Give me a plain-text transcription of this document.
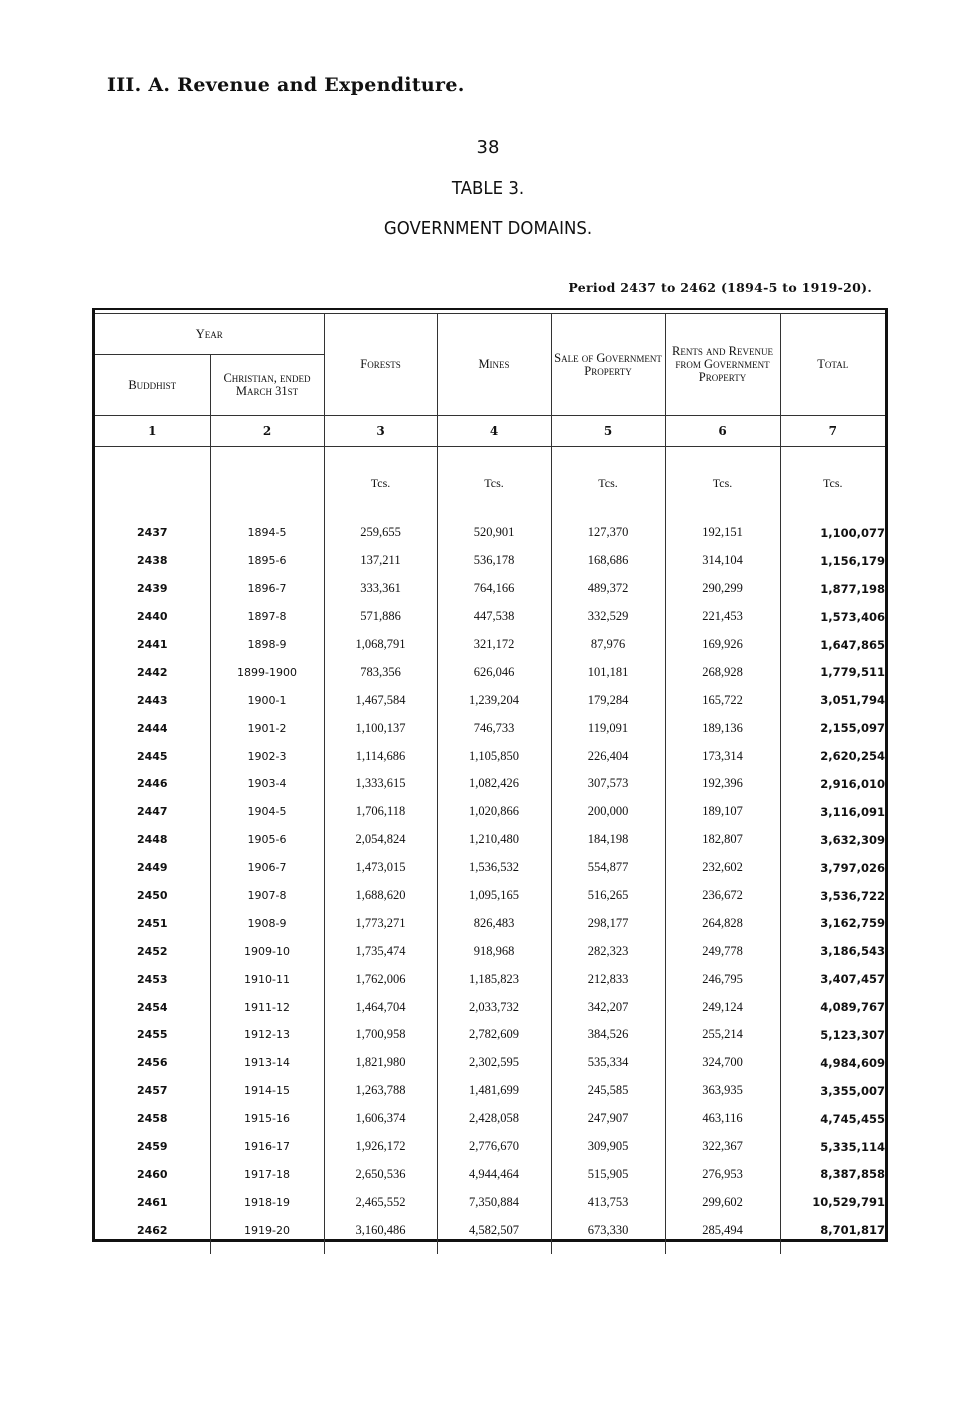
III. A. Revenue and Expenditure.
38
TABLE 3.
GOVERNMENT DOMAINS.
Period 2437 to 2462 (1894-5 to 1919-20).
Year		Forests	Mines	Sale of Government Property	Rents and Revenue from Government Property	Total
Buddhist	Christian, ended March 31st					
1	2	3	4	5	6	7
		Tcs.	Tcs.	Tcs.	Tcs.	Tcs.
2437	1894-5	259,655	520,901	127,370	192,151	1,100,077
2438	1895-6	137,211	536,178	168,686	314,104	1,156,179
2439	1896-7	333,361	764,166	489,372	290,299	1,877,198
2440	1897-8	571,886	447,538	332,529	221,453	1,573,406
2441	1898-9	1,068,791	321,172	87,976	169,926	1,647,865
2442	1899-1900	783,356	626,046	101,181	268,928	1,779,511
2443	1900-1	1,467,584	1,239,204	179,284	165,722	3,051,794
2444	1901-2	1,100,137	746,733	119,091	189,136	2,155,097
2445	1902-3	1,114,686	1,105,850	226,404	173,314	2,620,254
2446	1903-4	1,333,615	1,082,426	307,573	192,396	2,916,010
2447	1904-5	1,706,118	1,020,866	200,000	189,107	3,116,091
2448	1905-6	2,054,824	1,210,480	184,198	182,807	3,632,309
2449	1906-7	1,473,015	1,536,532	554,877	232,602	3,797,026
2450	1907-8	1,688,620	1,095,165	516,265	236,672	3,536,722
2451	1908-9	1,773,271	826,483	298,177	264,828	3,162,759
2452	1909-10	1,735,474	918,968	282,323	249,778	3,186,543
2453	1910-11	1,762,006	1,185,823	212,833	246,795	3,407,457
2454	1911-12	1,464,704	2,033,732	342,207	249,124	4,089,767
2455	1912-13	1,700,958	2,782,609	384,526	255,214	5,123,307
2456	1913-14	1,821,980	2,302,595	535,334	324,700	4,984,609
2457	1914-15	1,263,788	1,481,699	245,585	363,935	3,355,007
2458	1915-16	1,606,374	2,428,058	247,907	463,116	4,745,455
2459	1916-17	1,926,172	2,776,670	309,905	322,367	5,335,114
2460	1917-18	2,650,536	4,944,464	515,905	276,953	8,387,858
2461	1918-19	2,465,552	7,350,884	413,753	299,602	10,529,791
2462	1919-20	3,160,486	4,582,507	673,330	285,494	8,701,817
